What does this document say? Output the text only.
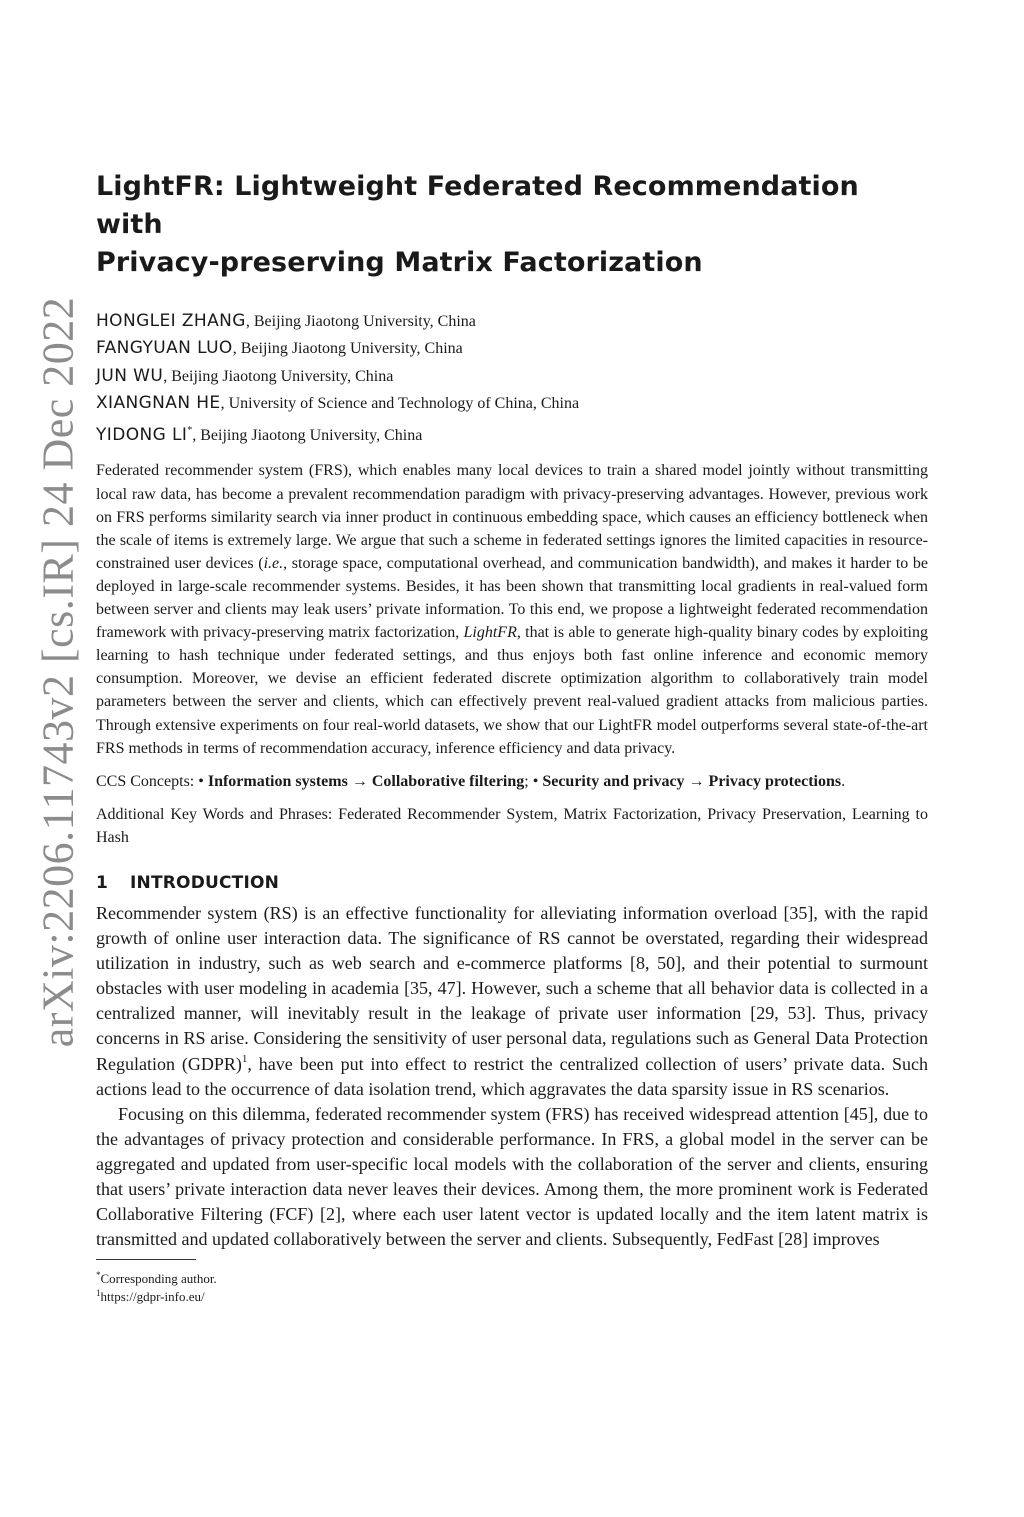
arXiv:2206.11743v2 [cs.IR] 24 Dec 2022
LightFR: Lightweight Federated Recommendation with
Privacy-preserving Matrix Factorization
HONGLEI ZHANG, Beijing Jiaotong University, China
FANGYUAN LUO, Beijing Jiaotong University, China
JUN WU, Beijing Jiaotong University, China
XIANGNAN HE, University of Science and Technology of China, China
YIDONG LI*, Beijing Jiaotong University, China

Federated recommender system (FRS), which enables many local devices to train a shared model jointly without transmitting local raw data, has become a prevalent recommendation paradigm with privacy-preserving advantages. However, previous work on FRS performs similarity search via inner product in continuous embedding space, which causes an efficiency bottleneck when the scale of items is extremely large. We argue that such a scheme in federated settings ignores the limited capacities in resource-constrained user devices (i.e., storage space, computational overhead, and communication bandwidth), and makes it harder to be deployed in large-scale recommender systems. Besides, it has been shown that transmitting local gradients in real-valued form between server and clients may leak users’ private information. To this end, we propose a lightweight federated recommendation framework with privacy-preserving matrix factorization, LightFR, that is able to generate high-quality binary codes by exploiting learning to hash technique under federated settings, and thus enjoys both fast online inference and economic memory consumption. Moreover, we devise an efficient federated discrete optimization algorithm to collaboratively train model parameters between the server and clients, which can effectively prevent real-valued gradient attacks from malicious parties. Through extensive experiments on four real-world datasets, we show that our LightFR model outperforms several state-of-the-art FRS methods in terms of recommendation accuracy, inference efficiency and data privacy.

CCS Concepts: • Information systems → Collaborative filtering; • Security and privacy → Privacy protections.
Additional Key Words and Phrases: Federated Recommender System, Matrix Factorization, Privacy Preservation, Learning to Hash
1 INTRODUCTION

Recommender system (RS) is an effective functionality for alleviating information overload [35], with the rapid growth of online user interaction data. The significance of RS cannot be overstated, regarding their widespread utilization in industry, such as web search and e-commerce platforms [8, 50], and their potential to surmount obstacles with user modeling in academia [35, 47]. However, such a scheme that all behavior data is collected in a centralized manner, will inevitably result in the leakage of private user information [29, 53]. Thus, privacy concerns in RS arise. Considering the sensitivity of user personal data, regulations such as General Data Protection Regulation (GDPR)$^1$, have been put into effect to restrict the centralized collection of users’ private data. Such actions lead to the occurrence of data isolation trend, which aggravates the data sparsity issue in RS scenarios.

Focusing on this dilemma, federated recommender system (FRS) has received widespread attention [45], due to the advantages of privacy protection and considerable performance. In FRS, a global model in the server can be aggregated and updated from user-specific local models with the collaboration of the server and clients, ensuring that users’ private interaction data never leaves their devices. Among them, the more prominent work is Federated Collaborative Filtering (FCF) [2], where each user latent vector is updated locally and the item latent matrix is transmitted and updated collaboratively between the server and clients. Subsequently, FedFast [28] improves

*Corresponding author.
$^1$https://gdpr-info.eu/
